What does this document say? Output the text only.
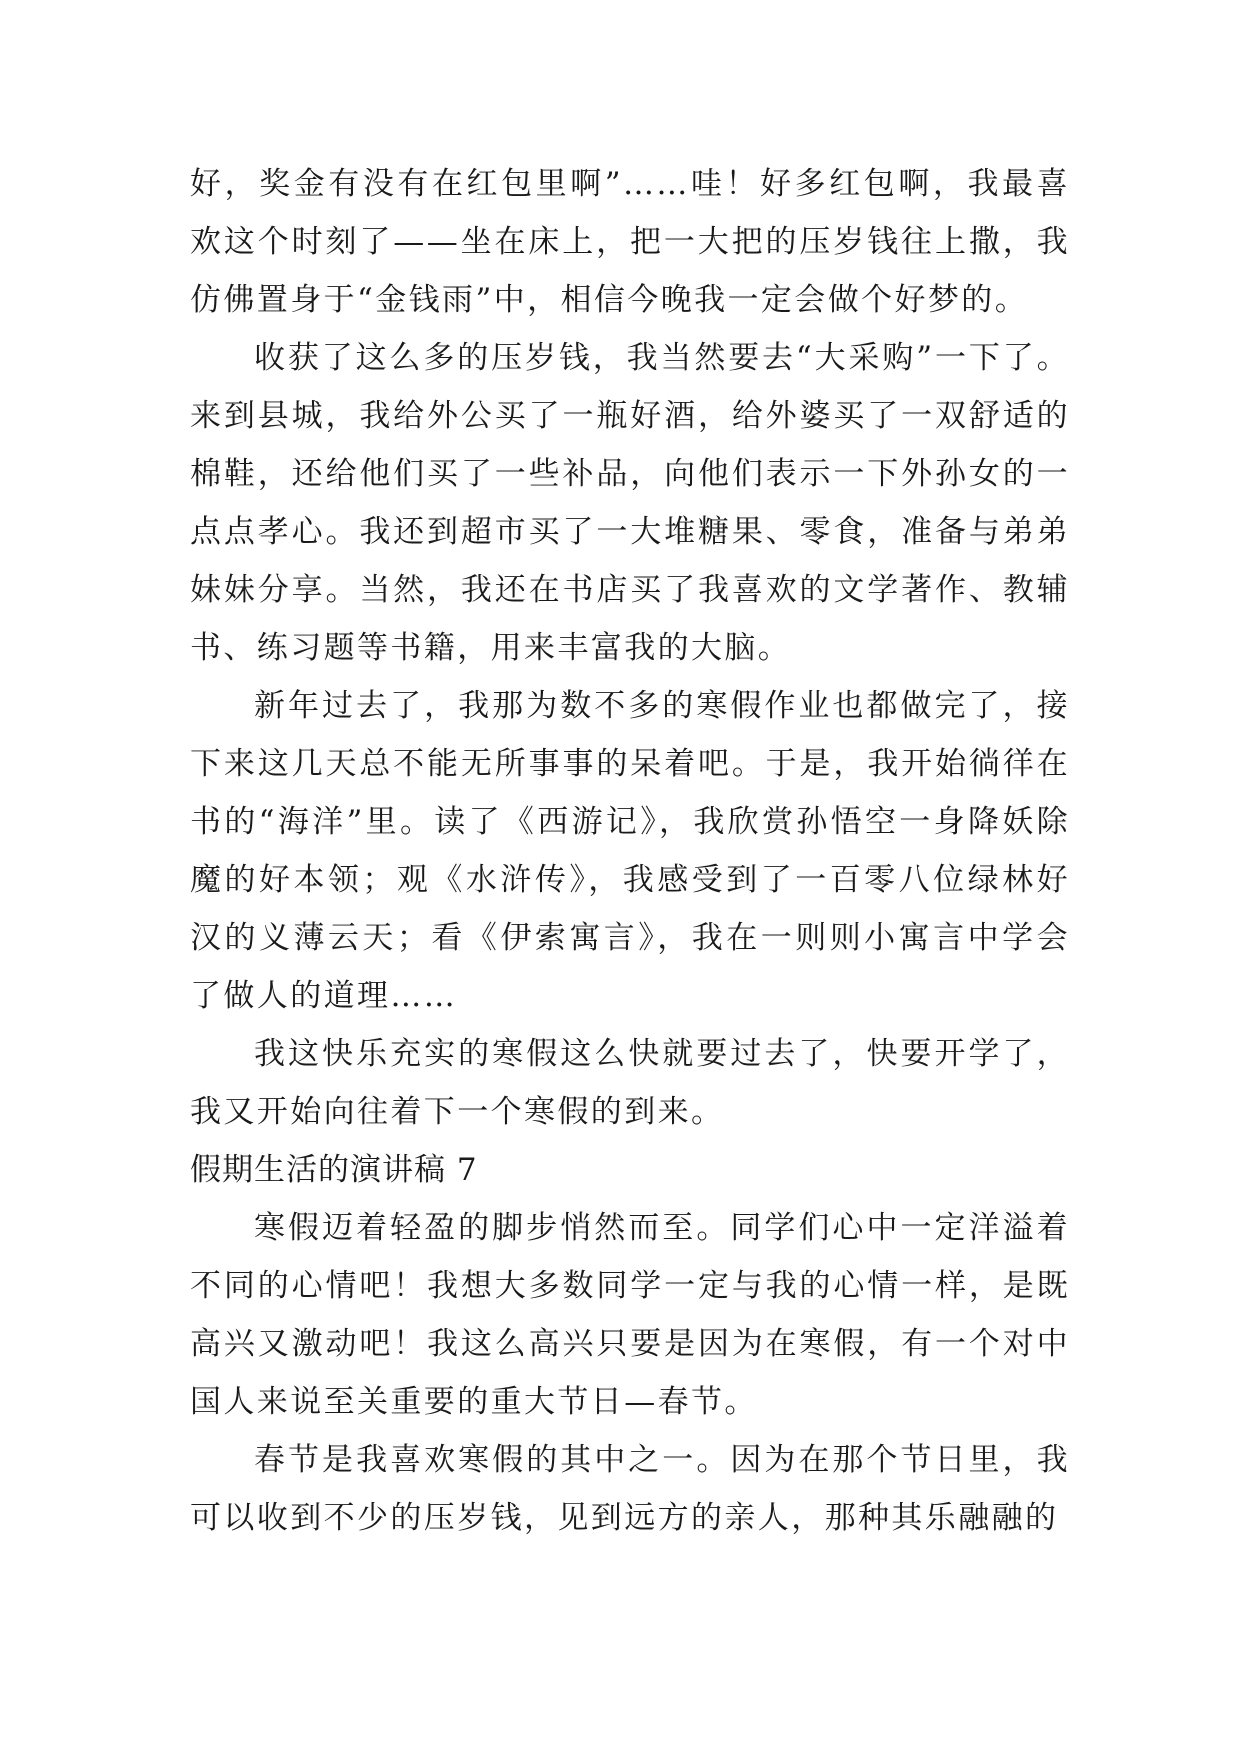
好，奖金有没有在红包里啊”……哇！好多红包啊，我最喜欢这个时刻了——坐在床上，把一大把的压岁钱往上撒，我仿佛置身于“金钱雨”中，相信今晚我一定会做个好梦的。

收获了这么多的压岁钱，我当然要去“大采购”一下了。来到县城，我给外公买了一瓶好酒，给外婆买了一双舒适的棉鞋，还给他们买了一些补品，向他们表示一下外孙女的一点点孝心。我还到超市买了一大堆糖果、零食，准备与弟弟妹妹分享。当然，我还在书店买了我喜欢的文学著作、教辅书、练习题等书籍，用来丰富我的大脑。

新年过去了，我那为数不多的寒假作业也都做完了，接下来这几天总不能无所事事的呆着吧。于是，我开始徜徉在书的“海洋”里。读了《西游记》，我欣赏孙悟空一身降妖除魔的好本领；观《水浒传》，我感受到了一百零八位绿林好汉的义薄云天；看《伊索寓言》，我在一则则小寓言中学会了做人的道理……

我这快乐充实的寒假这么快就要过去了，快要开学了，我又开始向往着下一个寒假的到来。

假期生活的演讲稿 7

寒假迈着轻盈的脚步悄然而至。同学们心中一定洋溢着不同的心情吧！我想大多数同学一定与我的心情一样，是既高兴又激动吧！我这么高兴只要是因为在寒假，有一个对中国人来说至关重要的重大节日—春节。

春节是我喜欢寒假的其中之一。因为在那个节日里，我可以收到不少的压岁钱，见到远方的亲人，那种其乐融融的
